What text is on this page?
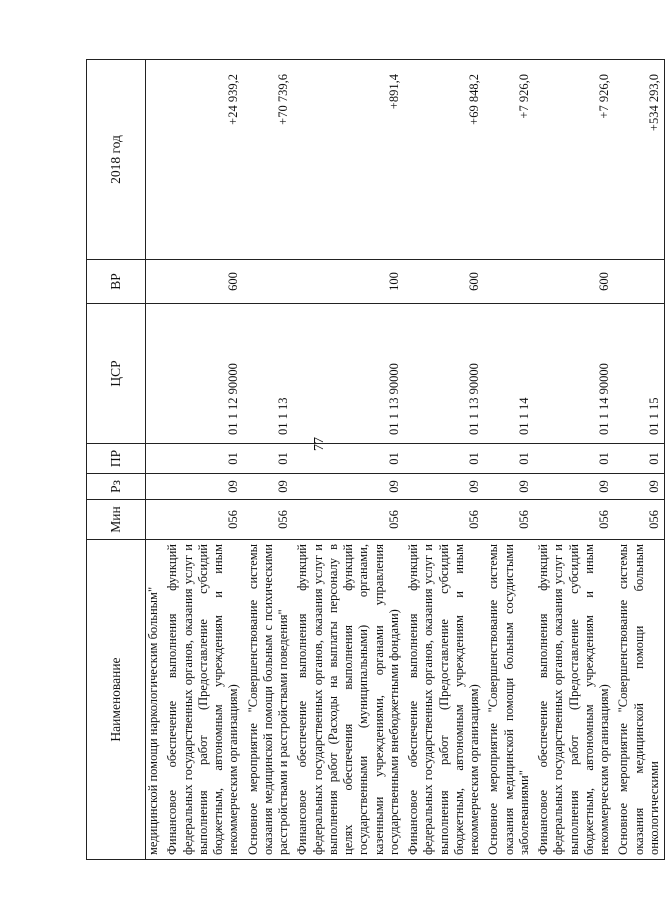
77
Наименование	Мин	Рз	ПР	ЦСР	ВР	2018 год
медицинской помощи наркологическим больным"						
Финансовое обеспечение выполнения функций федеральных государственных органов, оказания услуг и выполнения работ (Предоставление субсидий бюджетным, автономным учреждениям и иным некоммерческим организациям)	056	09	01	01 1 12 90000	600	+24 939,2
Основное мероприятие "Совершенствование системы оказания медицинской помощи больным с психическими расстройствами и расстройствами поведения"	056	09	01	01 1 13		+70 739,6
Финансовое обеспечение выполнения функций федеральных государственных органов, оказания услуг и выполнения работ (Расходы на выплаты персоналу в целях обеспечения выполнения функций государственными (муниципальными) органами, казенными учреждениями, органами управления государственными внебюджетными фондами)	056	09	01	01 1 13 90000	100	+891,4
Финансовое обеспечение выполнения функций федеральных государственных органов, оказания услуг и выполнения работ (Предоставление субсидий бюджетным, автономным учреждениям и иным некоммерческим организациям)	056	09	01	01 1 13 90000	600	+69 848,2
Основное мероприятие "Совершенствование системы оказания медицинской помощи больным сосудистыми заболеваниями"	056	09	01	01 1 14		+7 926,0
Финансовое обеспечение выполнения функций федеральных государственных органов, оказания услуг и выполнения работ (Предоставление субсидий бюджетным, автономным учреждениям и иным некоммерческим организациям)	056	09	01	01 1 14 90000	600	+7 926,0
Основное мероприятие "Совершенствование системы оказания медицинской помощи больным онкологическими	056	09	01	01 1 15		+534 293,0
